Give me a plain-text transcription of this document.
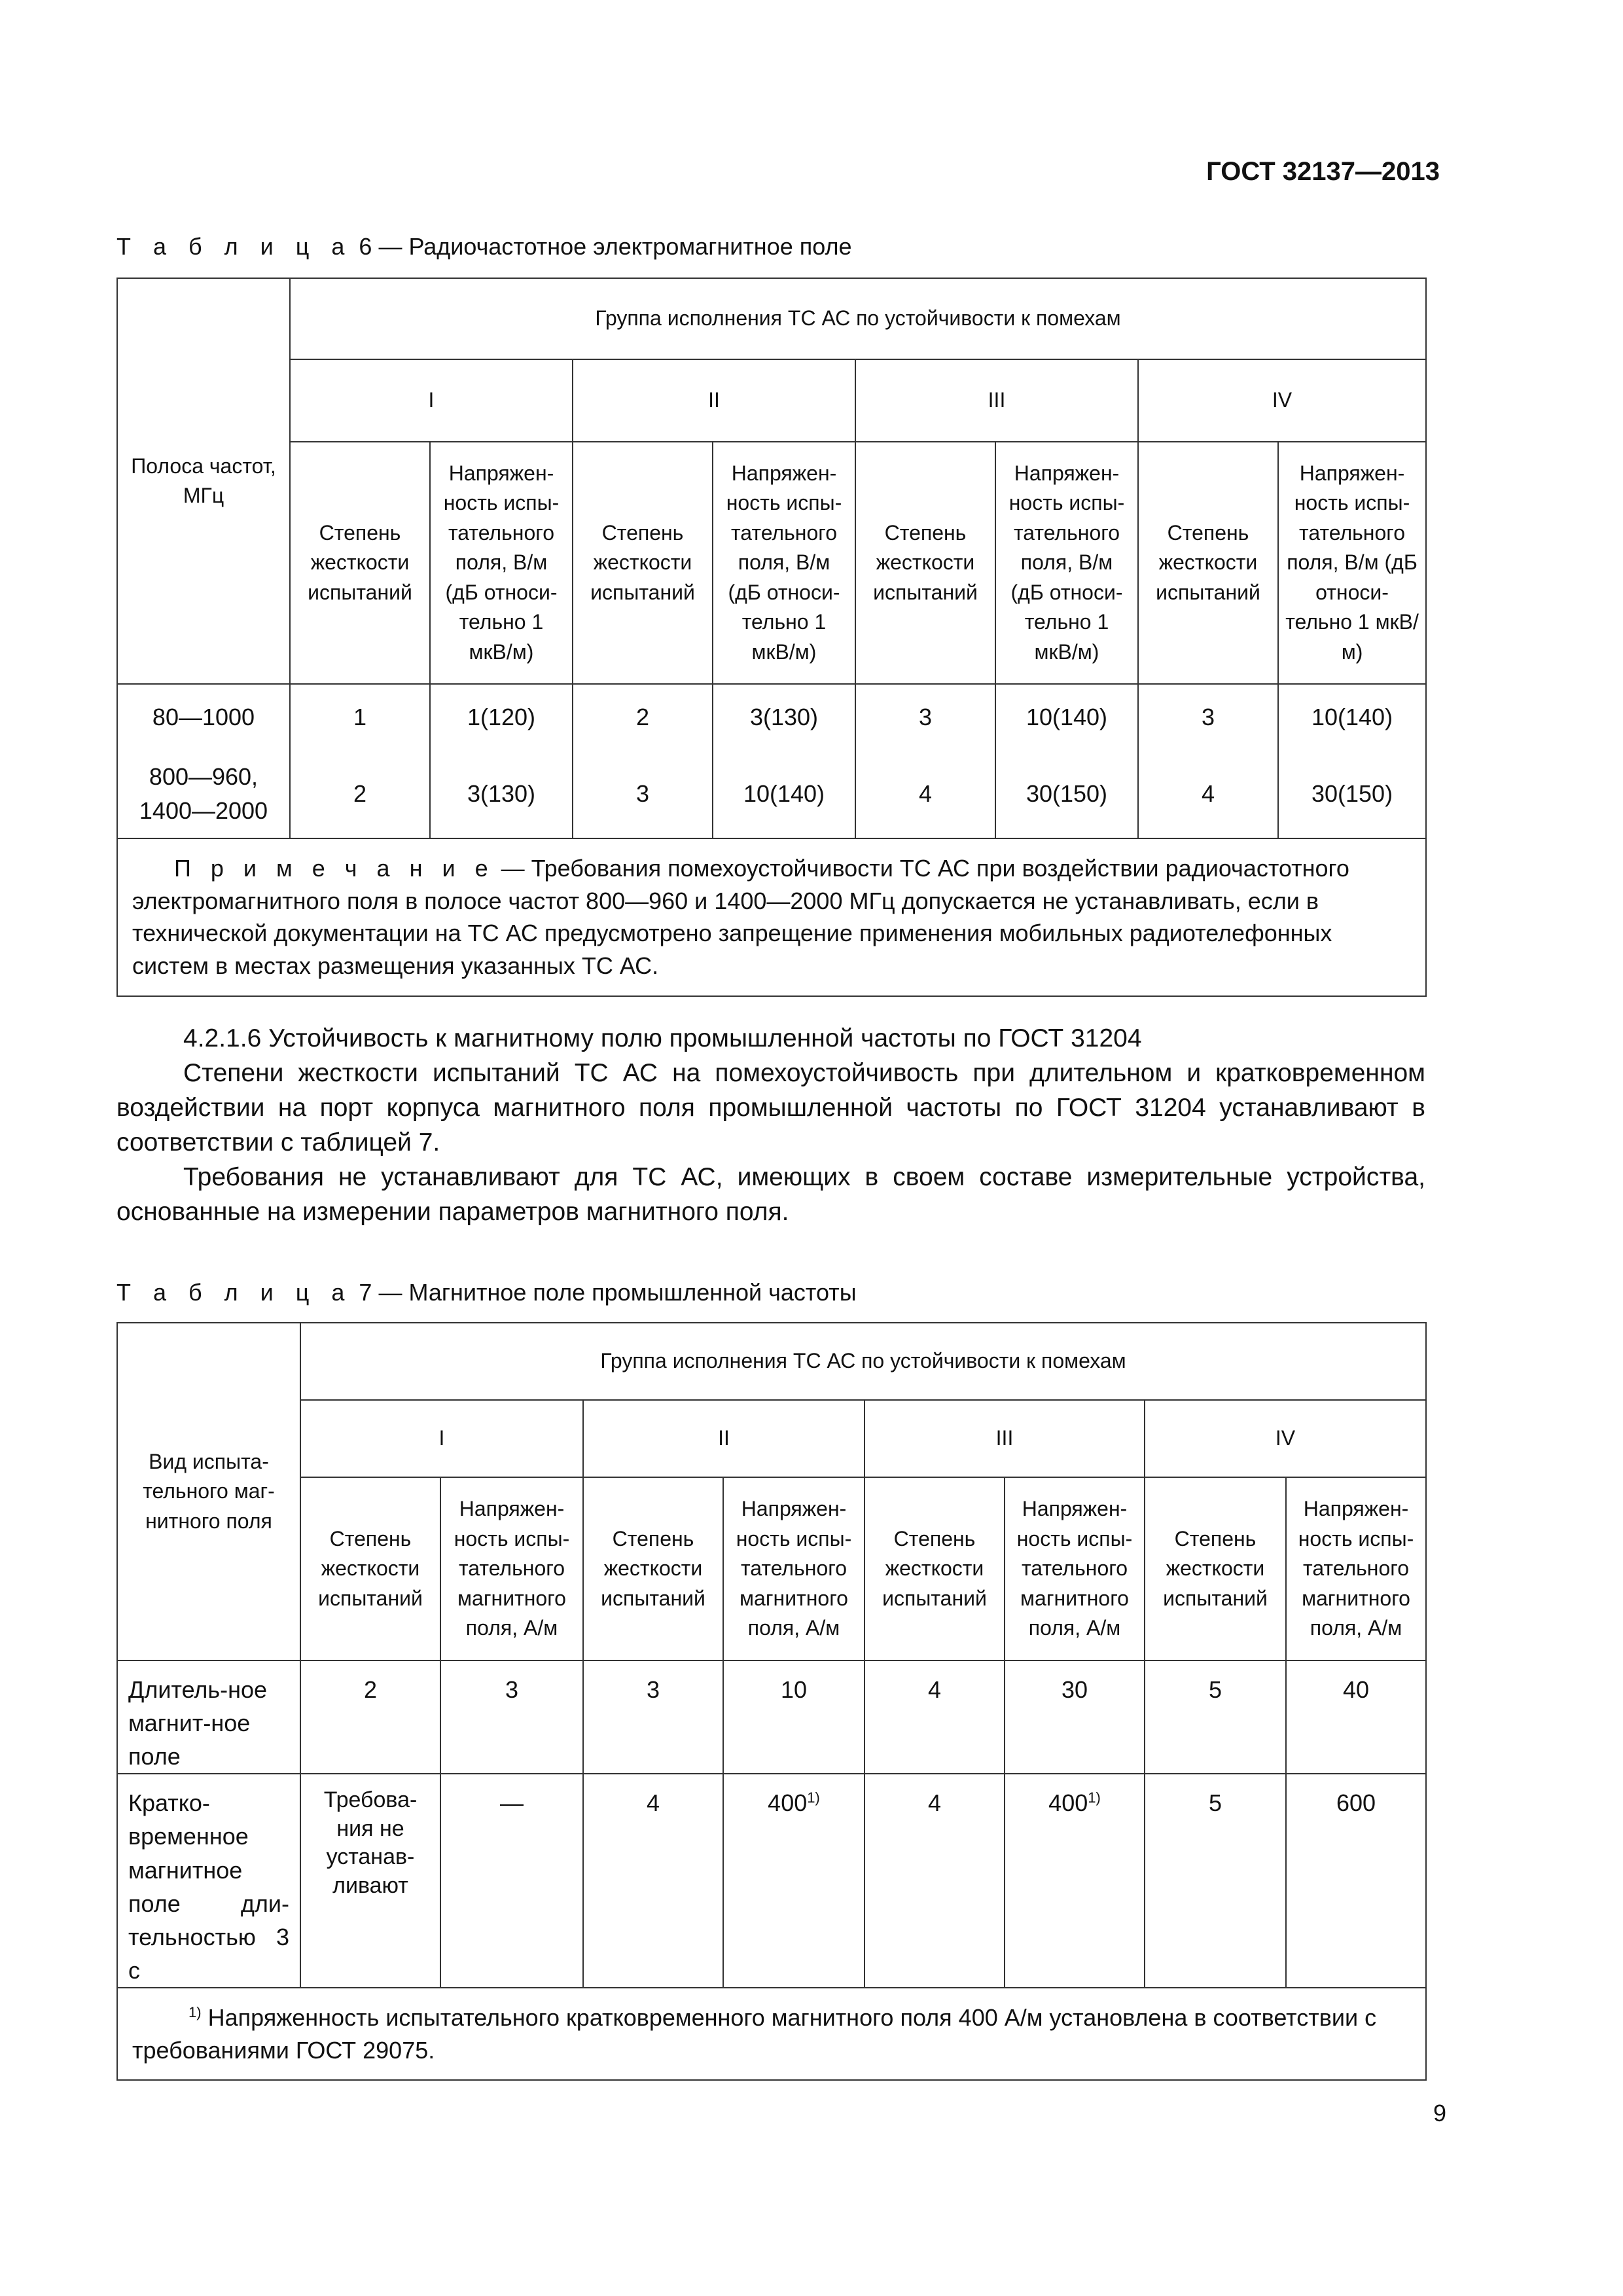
ГОСТ 32137—2013
Т а б л и ц а 6 — Радиочастотное электромагнитное поле
Полоса частот, МГц	Группа исполнения ТС АС по устойчивости к помехам							
	I		II		III		IV	
	Степень жесткости испытаний	Напряжен-ность испы-тательного поля, В/м (дБ относи-тельно 1 мкВ/м)	Степень жесткости испытаний	Напряжен-ность испы-тательного поля, В/м (дБ относи-тельно 1 мкВ/м)	Степень жесткости испытаний	Напряжен-ность испы-тательного поля, В/м (дБ относи-тельно 1 мкВ/м)	Степень жесткости испытаний	Напряжен-ность испы-тательного поля, В/м (дБ относи-тельно 1 мкВ/м)
80—1000	1	1(120)	2	3(130)	3	10(140)	3	10(140)
800—960, 1400—2000	2	3(130)	3	10(140)	4	30(150)	4	30(150)
П р и м е ч а н и е — Требования помехоустойчивости ТС АС при воздействии радиочастотного электромагнитного поля в полосе частот 800—960 и 1400—2000 МГц допускается не устанавливать, если в технической документации на ТС АС предусмотрено запрещение применения мобильных радиотелефонных систем в местах размещения указанных ТС АС.								
4.2.1.6 Устойчивость к магнитному полю промышленной частоты по ГОСТ 31204
Степени жесткости испытаний ТС АС на помехоустойчивость при длительном и кратковременном воздействии на порт корпуса магнитного поля промышленной частоты по ГОСТ 31204 устанавливают в соответствии с таблицей 7.
Требования не устанавливают для ТС АС, имеющих в своем составе измерительные устройства, основанные на измерении параметров магнитного поля.
Т а б л и ц а 7 — Магнитное поле промышленной частоты
Вид испыта-тельного маг-нитного поля	Группа исполнения ТС АС по устойчивости к помехам							
	I		II		III		IV	
	Степень жесткости испытаний	Напряжен-ность испы-тательного магнитного поля, А/м	Степень жесткости испытаний	Напряжен-ность испы-тательного магнитного поля, А/м	Степень жесткости испытаний	Напряжен-ность испы-тательного магнитного поля, А/м	Степень жесткости испытаний	Напряжен-ность испы-тательного магнитного поля, А/м
Длитель-ное магнит-ное поле	2	3	3	10	4	30	5	40
Кратко-временное магнитное поле дли-тельностью 3 с	Требова-ния не устанав-ливают	—	4	400$^{1)}$	4	400$^{1)}$	5	600
$^{1)}$ Напряженность испытательного кратковременного магнитного поля 400 А/м установлена в соответствии с требованиями ГОСТ 29075.								
9
